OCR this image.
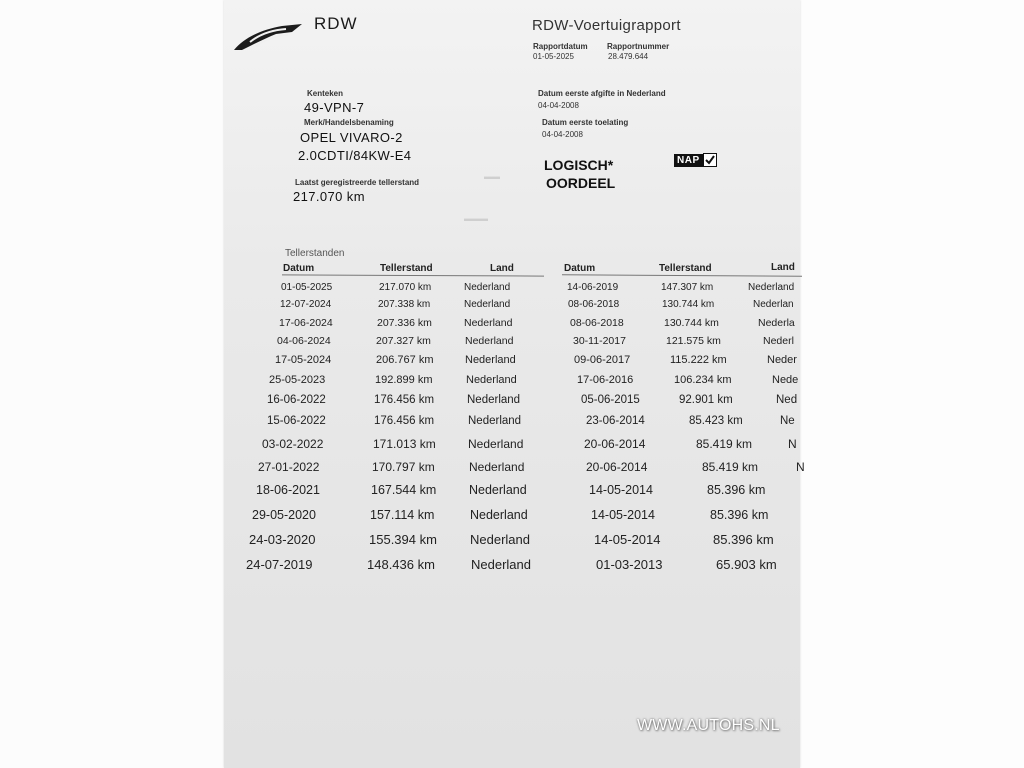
RDW	RDW-Voertuigrapport
Rapportdatum
01-05-2025
Rapportnummer
28.479.644
Kenteken
49-VPN-7
Merk/Handelsbenaming
OPEL VIVARO-2
2.0CDTI/84KW-E4
Laatst geregistreerde tellerstand
217.070 km
Datum eerste afgifte in Nederland
04-04-2008
Datum eerste toelating
04-04-2008
LOGISCH*
OORDEEL
NAP
▬▬
▬▬▬
Tellerstanden
Datum	Tellerstand	Land	Datum	Tellerstand	Land
01-05-2025	217.070 km	Nederland
12-07-2024	207.338 km	Nederland
17-06-2024	207.336 km	Nederland
04-06-2024	207.327 km	Nederland
17-05-2024	206.767 km	Nederland
25-05-2023	192.899 km	Nederland
16-06-2022	176.456 km	Nederland
15-06-2022	176.456 km	Nederland
03-02-2022	171.013 km	Nederland
27-01-2022	170.797 km	Nederland
18-06-2021	167.544 km	Nederland
29-05-2020	157.114 km	Nederland
24-03-2020	155.394 km	Nederland
24-07-2019	148.436 km	Nederland
14-06-2019	147.307 km	Nederland
08-06-2018	130.744 km	Nederlan
08-06-2018	130.744 km	Nederla
30-11-2017	121.575 km	Nederl
09-06-2017	115.222 km	Neder
17-06-2016	106.234 km	Nede
05-06-2015	92.901 km	Ned
23-06-2014	85.423 km	Ne
20-06-2014	85.419 km	N
20-06-2014	85.419 km	N
14-05-2014	85.396 km
14-05-2014	85.396 km
14-05-2014	85.396 km
01-03-2013	65.903 km
WWW.AUTOHS.NL
